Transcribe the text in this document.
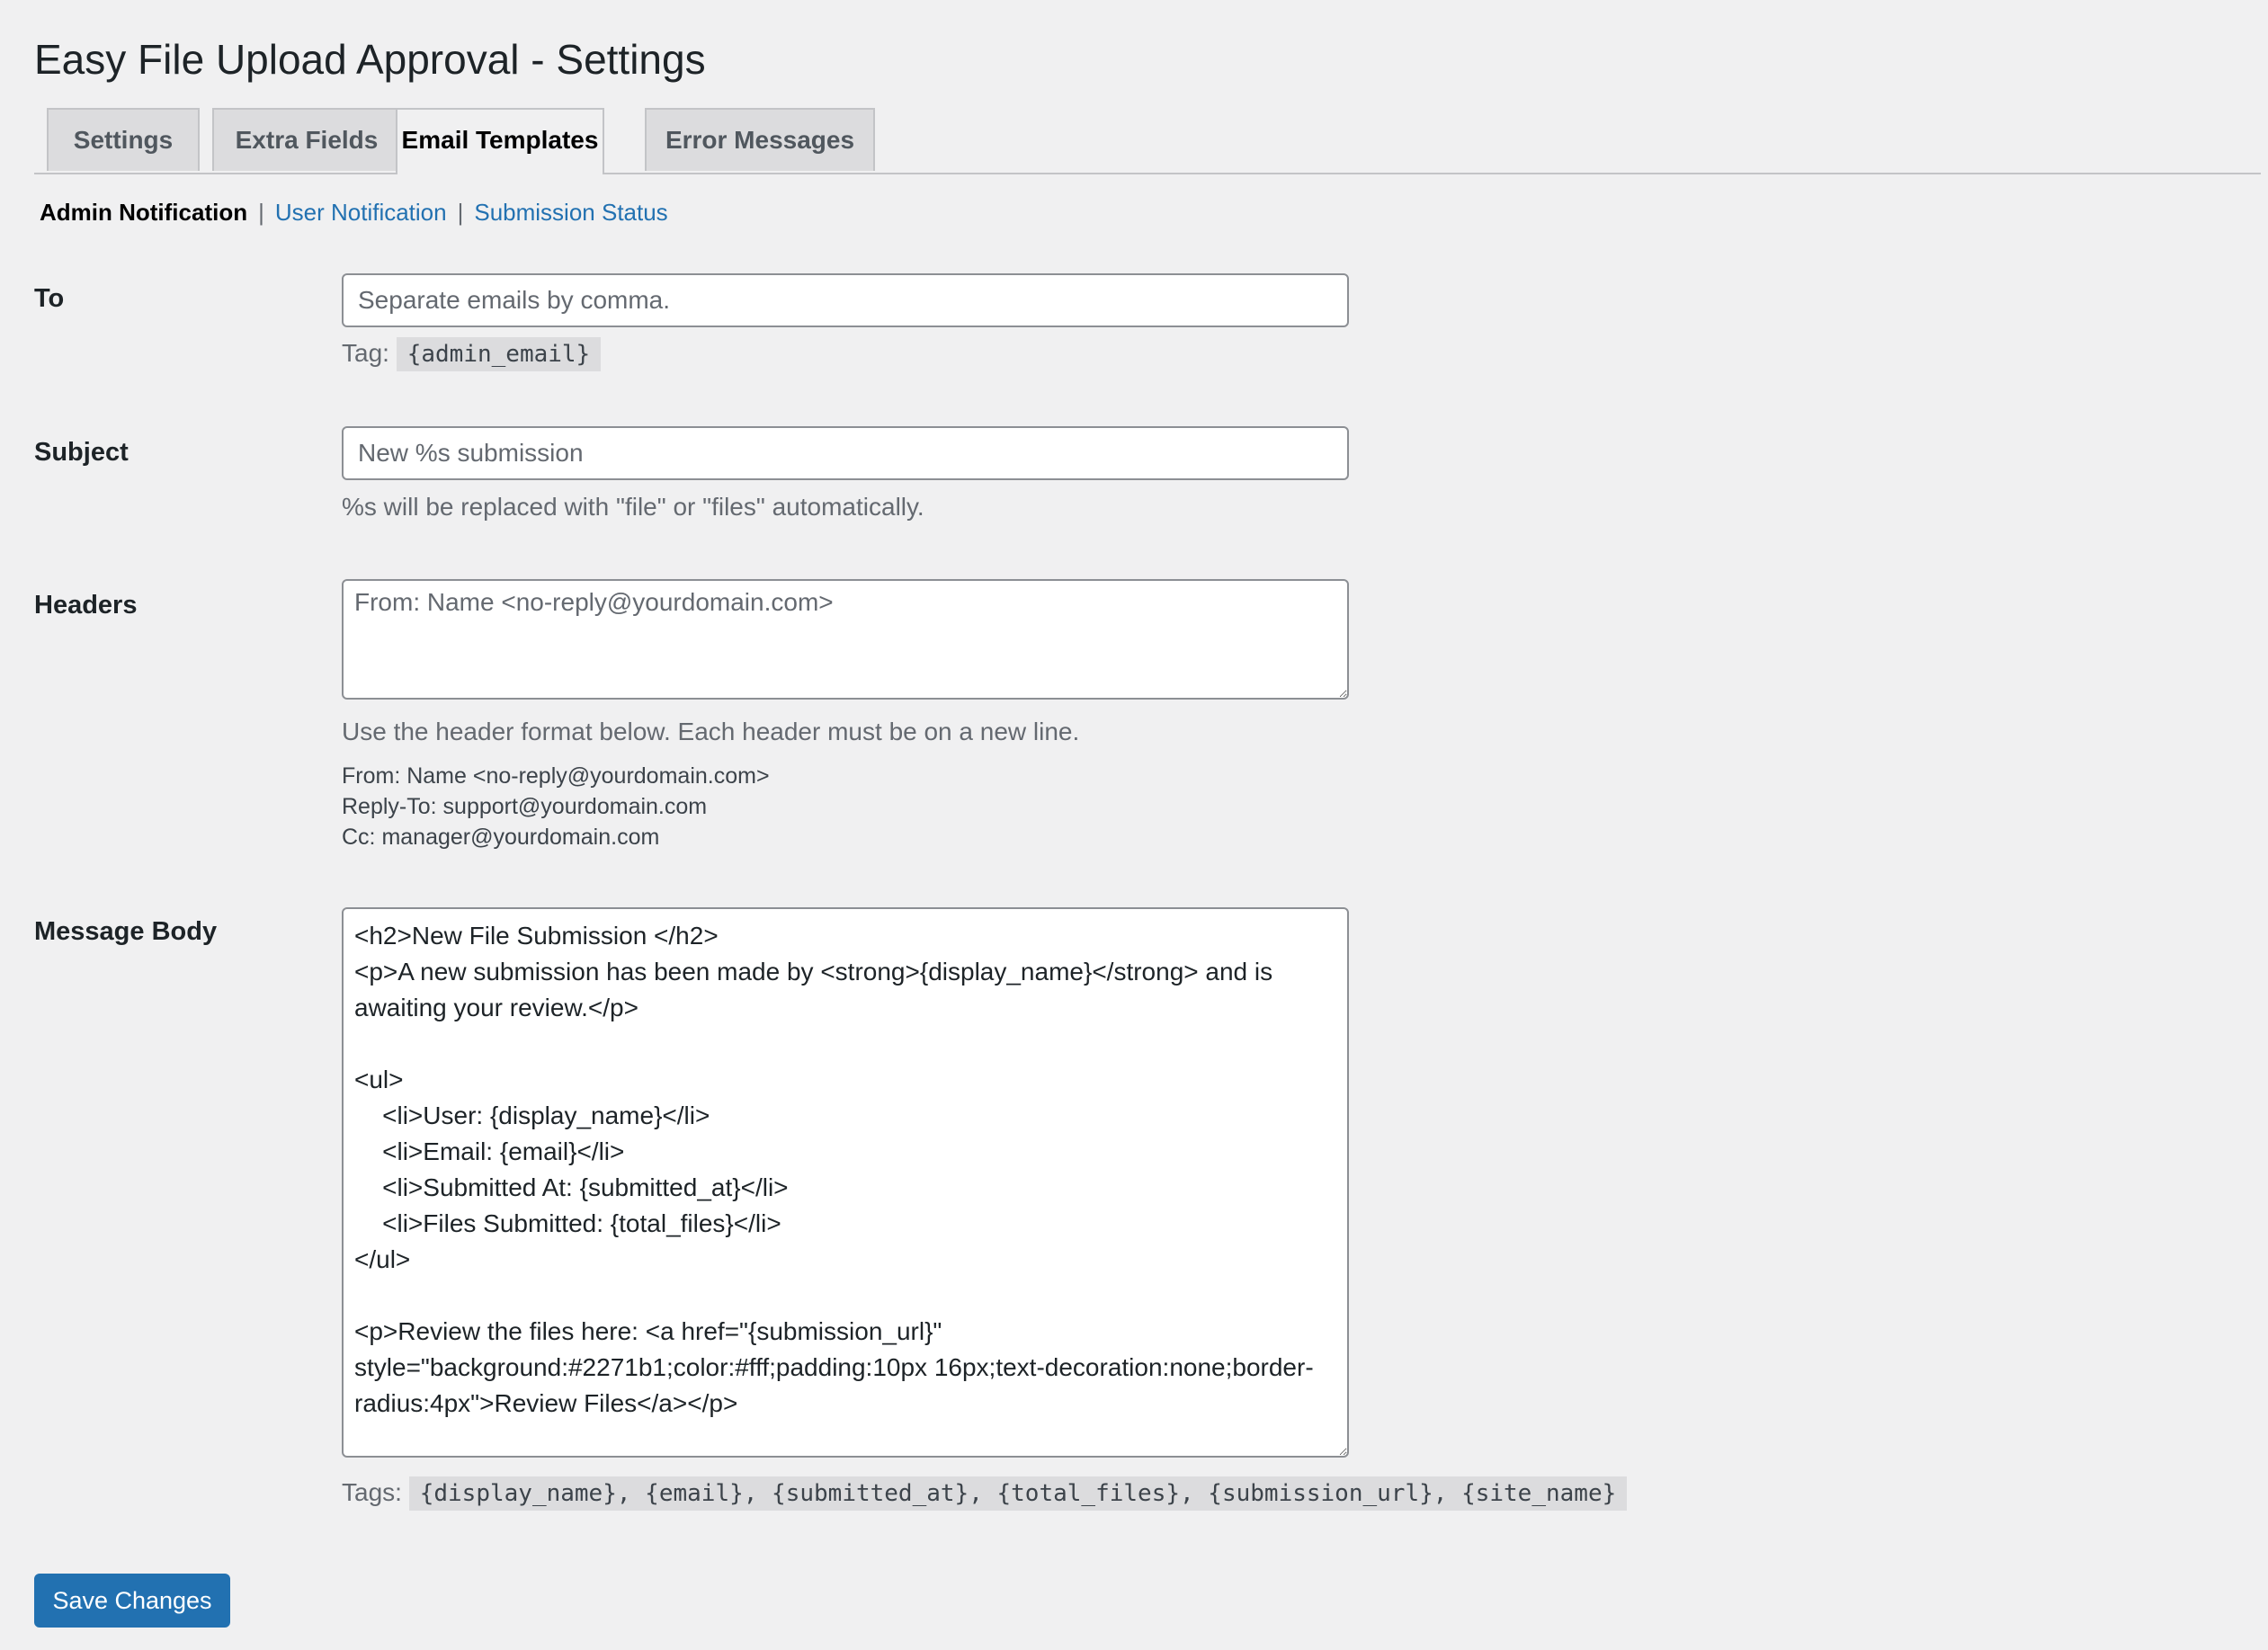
Easy File Upload Approval - Settings
Settings	Extra Fields Email Templates	Error Messages
Admin Notification | User Notification | Submission Status
To
Separate emails by comma.
Tag: {admin_email}
Subject
New %s submission
%s will be replaced with "file" or "files" automatically.
Headers
From: Name <no-reply@yourdomain.com>
Use the header format below. Each header must be on a new line.
From: Name <no-reply@yourdomain.com>
Reply-To: support@yourdomain.com
Cc: manager@yourdomain.com
Message Body
<h2>New File Submission </h2> <p>A new submission has been made by <strong>{display_name}</strong> and is awaiting your review.</p> <ul> <li>User: {display_name}</li> <li>Email: {email}</li> <li>Submitted At: {submitted_at}</li> <li>Files Submitted: {total_files}</li> </ul> <p>Review the files here: <a href="{submission_url}" style="background:#2271b1;color:#fff;padding:10px 16px;text-decoration:none;border-radius:4px">Review Files</a></p>
Tags: {display_name}, {email}, {submitted_at}, {total_files}, {submission_url}, {site_name}
Save Changes
